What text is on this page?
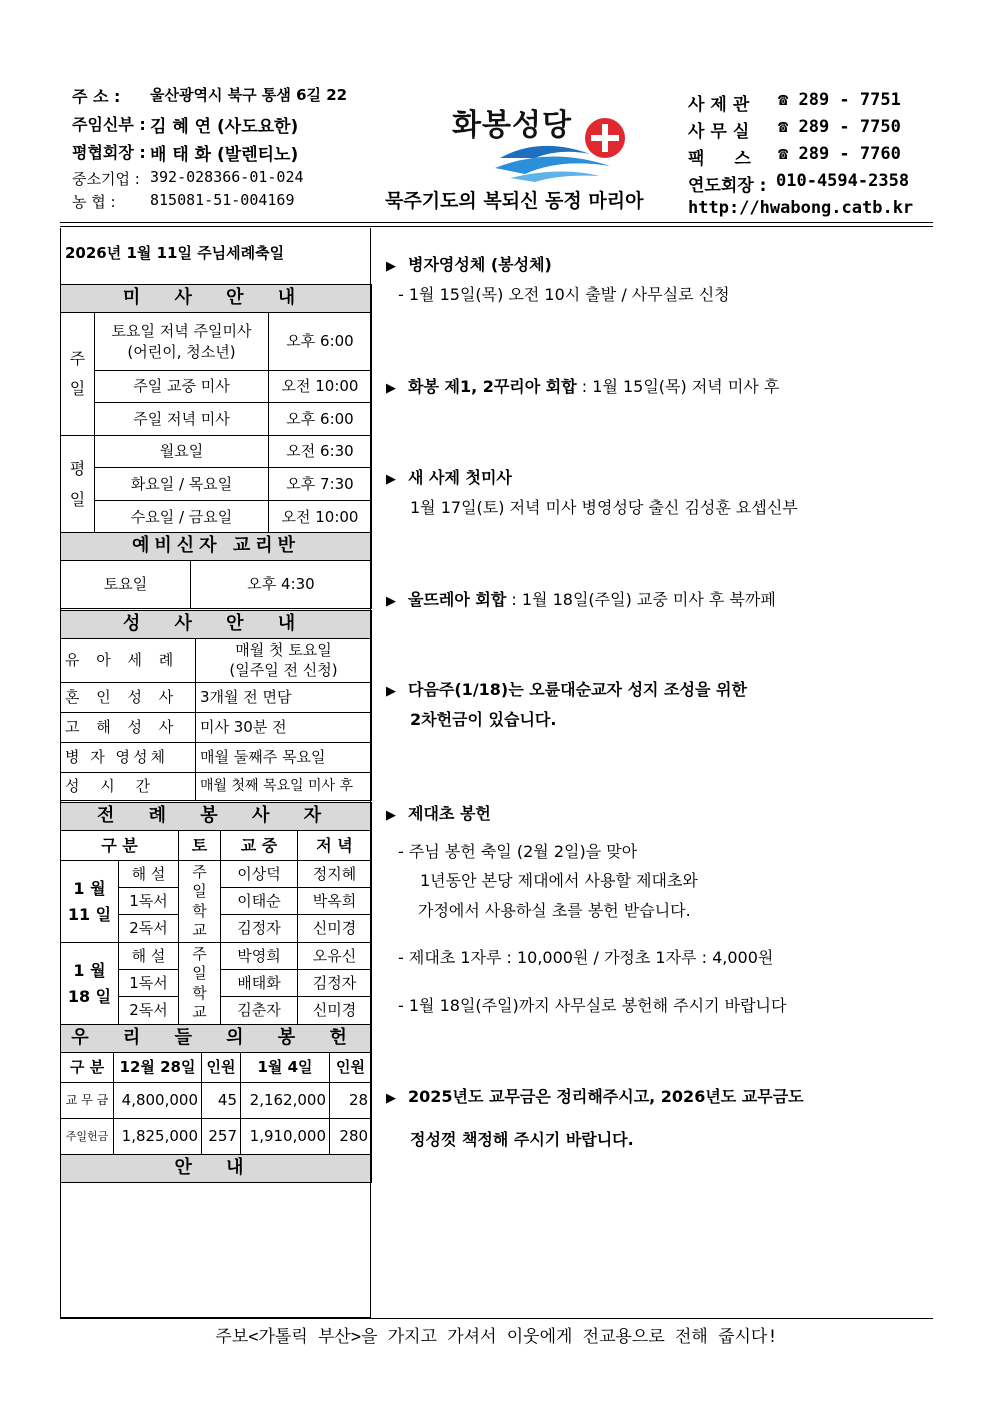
주 소 : 울산광역시 북구 통샘 6길 22
주임신부 : 김 혜 연 (사도요한)
평협회장 : 배 태 화 (발렌티노)
중소기업 : 392-028366-01-024
농 협 : 815081-51-004169
화봉성당
묵주기도의 복되신 동정 마리아
사제관 ☎ 289 - 7751
사무실 ☎ 289 - 7750
팩 스 ☎ 289 - 7760
연도회장 : 010-4594-2358
http://hwabong.catb.kr
2026년 1월 11일 주님세례축일
미 사 안 내		
주일	토요일 저녁 주일미사
(어린이, 청소년)	오후 6:00
	주일 교중 미사	오전 10:00
	주일 저녁 미사	오후 6:00
평일	월요일	오전 6:30
	화요일 / 목요일	오후 7:30
	수요일 / 금요일	오전 10:00
예비신자 교리반
토요일	오후 4:30
성 사 안 내	
유 아 세 례	매월 첫 토요일
(일주일 전 신청)
혼 인 성 사	3개월 전 면담
고 해 성 사	미사 30분 전
병 자 영성체	매월 둘째주 목요일
성 시 간	매월 첫째 목요일 미사 후
전 례 봉 사 자				
구 분		토	교 중	저 녁
1 월
11 일	해 설	주일학교	이상덕	정지혜
	1독서		이태순	박옥희
	2독서		김정자	신미경
1 월
18 일	해 설	주일학교	박영희	오유신
	1독서		배태화	김정자
	2독서		김춘자	신미경
우 리 들 의 봉 헌				
구 분	12월 28일	인원	1월 4일	인원
교 무 금	4,800,000	45	2,162,000	28
주일헌금	1,825,000	257	1,910,000	280
안 내				
▶ 병자영성체 (봉성체)
- 1월 15일(목) 오전 10시 출발 / 사무실로 신청
▶ 화봉 제1, 2꾸리아 회합 : 1월 15일(목) 저녁 미사 후
▶ 새 사제 첫미사
1월 17일(토) 저녁 미사 병영성당 출신 김성훈 요셉신부
▶ 울뜨레아 회합 : 1월 18일(주일) 교중 미사 후 북까페
▶ 다음주(1/18)는 오륜대순교자 성지 조성을 위한
2차헌금이 있습니다.
▶ 제대초 봉헌
- 주님 봉헌 축일 (2월 2일)을 맞아
1년동안 본당 제대에서 사용할 제대초와
가정에서 사용하실 초를 봉헌 받습니다.
- 제대초 1자루 : 10,000원 / 가정초 1자루 : 4,000원
- 1월 18일(주일)까지 사무실로 봉헌해 주시기 바랍니다
▶ 2025년도 교무금은 정리해주시고, 2026년도 교무금도
정성껏 책정해 주시기 바랍니다.
주보<가톨릭 부산>을 가지고 가셔서 이웃에게 전교용으로 전해 줍시다!
